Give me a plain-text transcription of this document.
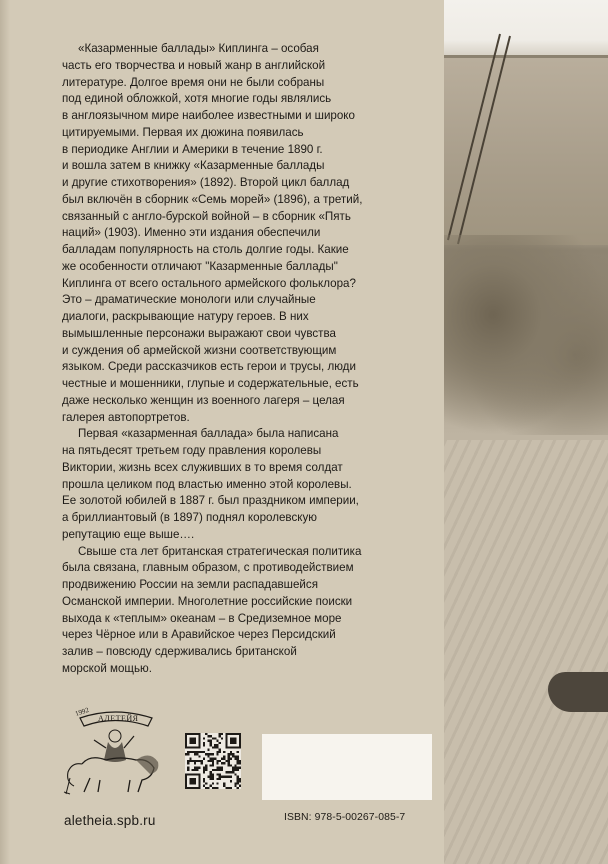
«Казарменные баллады» Киплинга – особая
часть его творчества и новый жанр в английской
литературе. Долгое время они не были собраны
под единой обложкой, хотя многие годы являлись
в англоязычном мире наиболее известными и широко
цитируемыми. Первая их дюжина появилась
в периодике Англии и Америки в течение 1890 г.
и вошла затем в книжку «Казарменные баллады
и другие стихотворения» (1892). Второй цикл баллад
был включён в сборник «Семь морей» (1896), а третий,
связанный с англо-бурской войной – в сборник «Пять
наций» (1903). Именно эти издания обеспечили
балладам популярность на столь долгие годы. Какие
же особенности отличают "Казарменные баллады"
Киплинга от всего остального армейского фольклора?
Это – драматические монологи или случайные
диалоги, раскрывающие натуру героев. В них
вымышленные персонажи выражают свои чувства
и суждения об армейской жизни соответствующим
языком. Среди рассказчиков есть герои и трусы, люди
честные и мошенники, глупые и содержательные, есть
даже несколько женщин из военного лагеря – целая
галерея автопортретов.

Первая «казарменная баллада» была написана
на пятьдесят третьем году правления королевы
Виктории, жизнь всех служивших в то время солдат
прошла целиком под властью именно этой королевы.
Ее золотой юбилей в 1887 г. был праздником империи,
а бриллиантовый (в 1897) поднял королевскую
репутацию еще выше….

Свыше ста лет британская стратегическая политика
была связана, главным образом, с противодействием
продвижению России на земли распадавшейся
Османской империи. Многолетние российские поиски
выхода к «теплым» океанам – в Средиземное море
через Чёрное или в Аравийское через Персидский
залив – повсюду сдерживались британской
морской мощью.

1992
АЛЕТЕЙЯ
aletheia.spb.ru	ISBN: 978-5-00267-085-7
